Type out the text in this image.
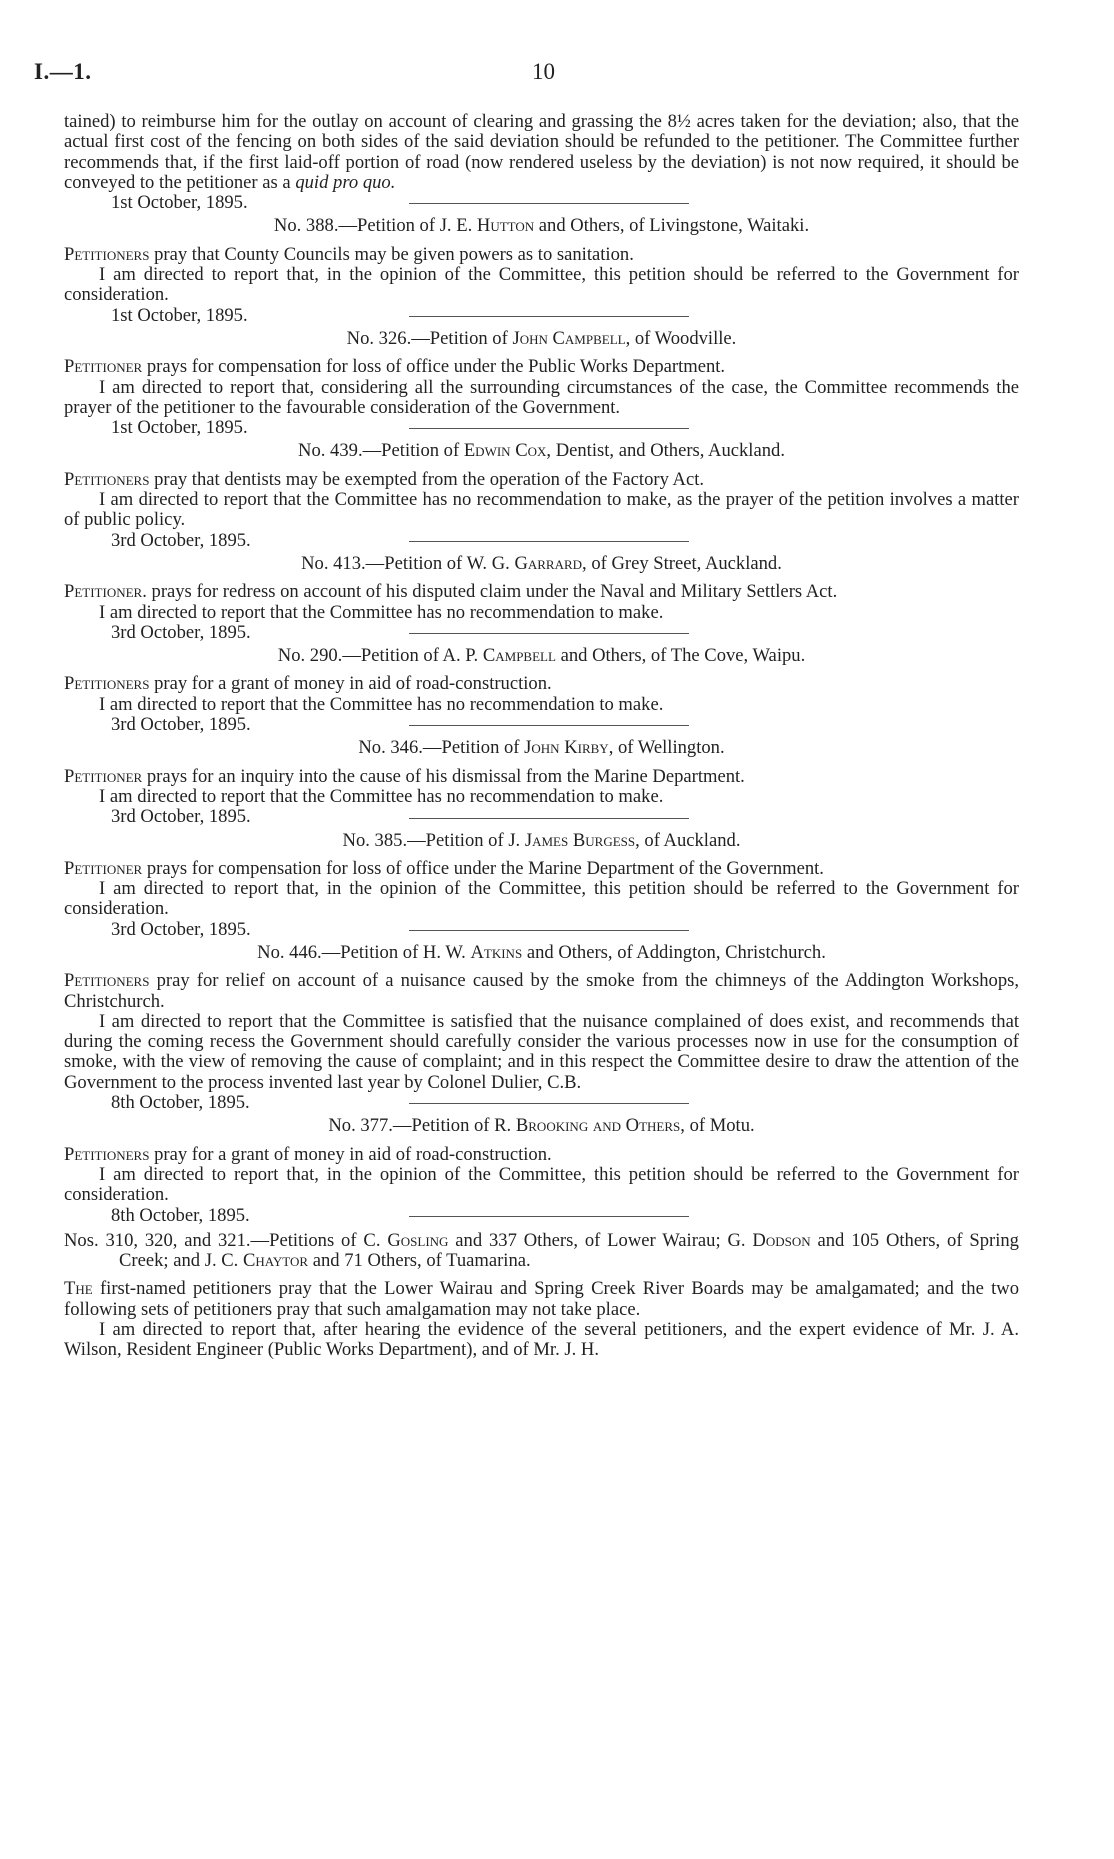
I.—1.	10

tained) to reimburse him for the outlay on account of clearing and grassing the 8½ acres taken for the deviation; also, that the actual first cost of the fencing on both sides of the said deviation should be refunded to the petitioner. The Committee further recommends that, if the first laid-off portion of road (now rendered useless by the deviation) is not now required, it should be conveyed to the petitioner as a quid pro quo.

1st October, 1895.

No. 388.—Petition of J. E. Hutton and Others, of Livingstone, Waitaki.

Petitioners pray that County Councils may be given powers as to sanitation.

I am directed to report that, in the opinion of the Committee, this petition should be referred to the Government for consideration.

1st October, 1895.

No. 326.—Petition of John Campbell, of Woodville.

Petitioner prays for compensation for loss of office under the Public Works Department.

I am directed to report that, considering all the surrounding circumstances of the case, the Committee recommends the prayer of the petitioner to the favourable consideration of the Government.

1st October, 1895.

No. 439.—Petition of Edwin Cox, Dentist, and Others, Auckland.

Petitioners pray that dentists may be exempted from the operation of the Factory Act.

I am directed to report that the Committee has no recommendation to make, as the prayer of the petition involves a matter of public policy.

3rd October, 1895.

No. 413.—Petition of W. G. Garrard, of Grey Street, Auckland.

Petitioner. prays for redress on account of his disputed claim under the Naval and Military Settlers Act.

I am directed to report that the Committee has no recommendation to make.

3rd October, 1895.

No. 290.—Petition of A. P. Campbell and Others, of The Cove, Waipu.

Petitioners pray for a grant of money in aid of road-construction.

I am directed to report that the Committee has no recommendation to make.

3rd October, 1895.

No. 346.—Petition of John Kirby, of Wellington.

Petitioner prays for an inquiry into the cause of his dismissal from the Marine Department.

I am directed to report that the Committee has no recommendation to make.

3rd October, 1895.

No. 385.—Petition of J. James Burgess, of Auckland.

Petitioner prays for compensation for loss of office under the Marine Department of the Government.

I am directed to report that, in the opinion of the Committee, this petition should be referred to the Government for consideration.

3rd October, 1895.

No. 446.—Petition of H. W. Atkins and Others, of Addington, Christchurch.

Petitioners pray for relief on account of a nuisance caused by the smoke from the chimneys of the Addington Workshops, Christchurch.

I am directed to report that the Committee is satisfied that the nuisance complained of does exist, and recommends that during the coming recess the Government should carefully consider the various processes now in use for the consumption of smoke, with the view of removing the cause of complaint; and in this respect the Committee desire to draw the attention of the Government to the process invented last year by Colonel Dulier, C.B.

8th October, 1895.

No. 377.—Petition of R. Brooking and Others, of Motu.

Petitioners pray for a grant of money in aid of road-construction.

I am directed to report that, in the opinion of the Committee, this petition should be referred to the Government for consideration.

8th October, 1895.

Nos. 310, 320, and 321.—Petitions of C. Gosling and 337 Others, of Lower Wairau; G. Dodson and 105 Others, of Spring Creek; and J. C. Chaytor and 71 Others, of Tuamarina.

The first-named petitioners pray that the Lower Wairau and Spring Creek River Boards may be amalgamated; and the two following sets of petitioners pray that such amalgamation may not take place.

I am directed to report that, after hearing the evidence of the several petitioners, and the expert evidence of Mr. J. A. Wilson, Resident Engineer (Public Works Department), and of Mr. J. H.
